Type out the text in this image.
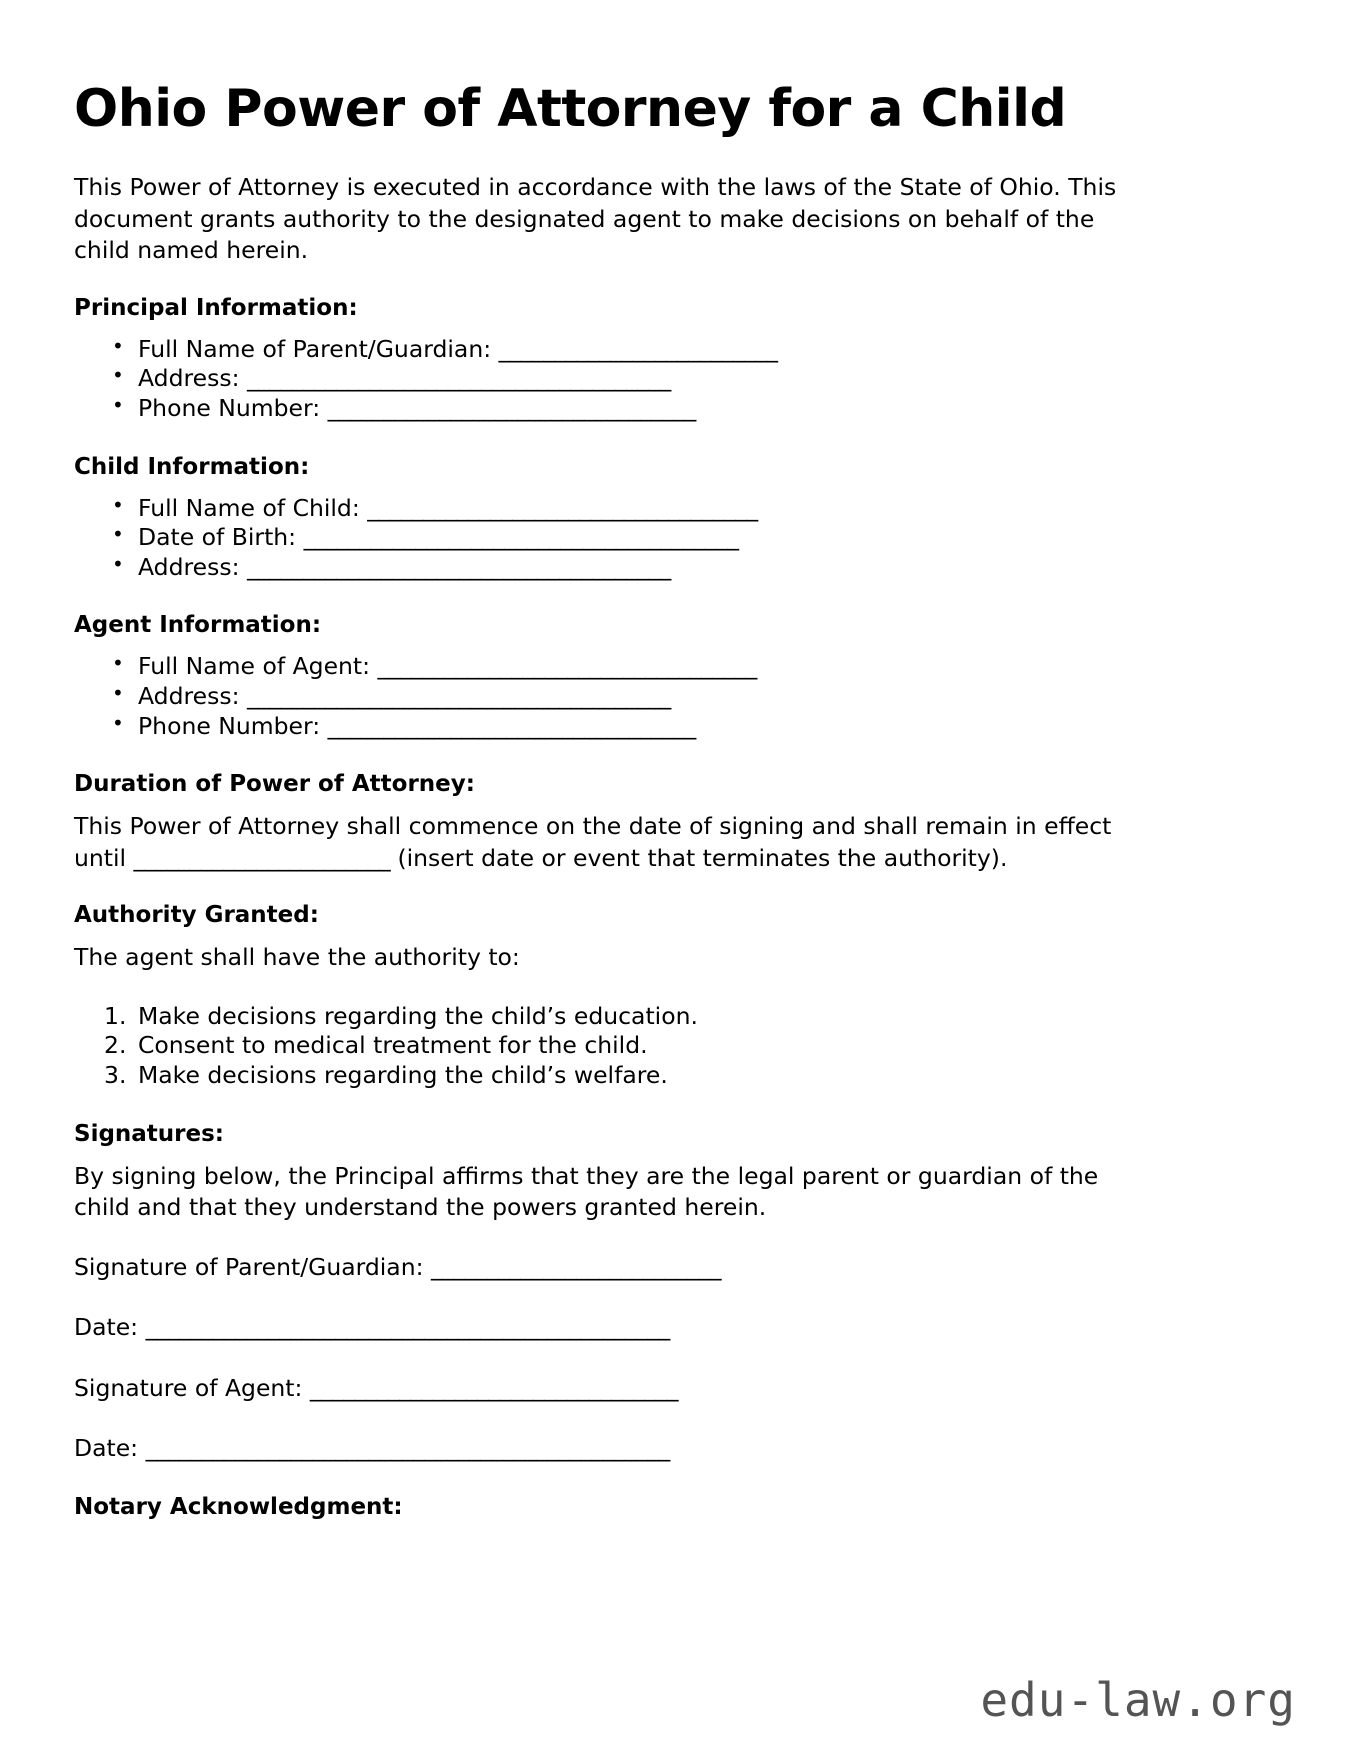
Ohio Power of Attorney for a Child

This Power of Attorney is executed in accordance with the laws of the State of Ohio. This document grants authority to the designated agent to make decisions on behalf of the child named herein.

Principal Information:
• Full Name of Parent/Guardian: _________________________
• Address: ______________________________________
• Phone Number: _________________________________
Child Information:
• Full Name of Child: ___________________________________
• Date of Birth: _______________________________________
• Address: ______________________________________
Agent Information:
• Full Name of Agent: __________________________________
• Address: ______________________________________
• Phone Number: _________________________________
Duration of Power of Attorney:

This Power of Attorney shall commence on the date of signing and shall remain in effect until _______________________ (insert date or event that terminates the authority).

Authority Granted:

The agent shall have the authority to:

Make decisions regarding the child’s education.
Consent to medical treatment for the child.
Make decisions regarding the child’s welfare.
Signatures:

By signing below, the Principal affirms that they are the legal parent or guardian of the child and that they understand the powers granted herein.

Signature of Parent/Guardian: __________________________

Date: _______________________________________________

Signature of Agent: _________________________________

Date: _______________________________________________

Notary Acknowledgment:
edu-law.org
